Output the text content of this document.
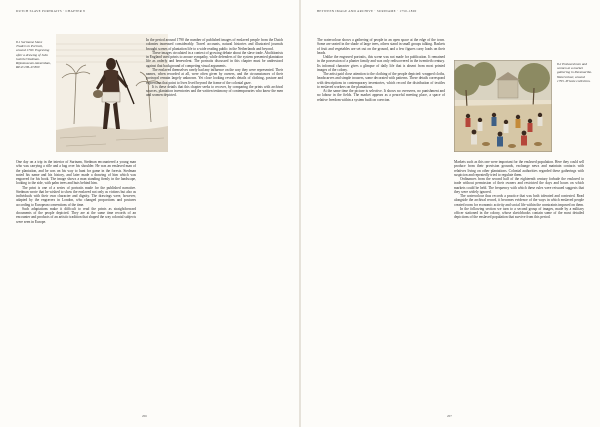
DUTCH SLAVE PORTRAITS · CHAPTER 8
8.1 Suriname Slave Traders in Portrait, around 1790. Engraving after a drawing of John Gabriel Stedman. Rijksmuseum Amsterdam, RP-P-OB-47.890

One day on a trip in the interior of Surinam, Stedman encountered a young man who was carrying a rifle and a bag over his shoulder. He was an enslaved man of the plantation, and he was on his way to hunt for game in the forests. Stedman noted his name and his history, and later made a drawing of him which was engraved for his book. The image shows a man standing firmly in the landscape, looking to the side, with palm trees and huts behind him.

The print is one of a series of portraits made for the published narrative. Stedman wrote that he wished to show the enslaved not only as victims but also as individuals with their own character and dignity. The drawings were, however, adapted by the engravers in London, who changed proportions and postures according to European conventions of the time.

Such adaptations make it difficult to read the prints as straightforward documents of the people depicted. They are at the same time records of an encounter and products of an artistic tradition that shaped the way colonial subjects were seen in Europe.

In the period around 1790 the number of published images of enslaved people from the Dutch colonies increased considerably. Travel accounts, natural histories and illustrated journals brought scenes of plantation life to a wide reading public in the Netherlands and beyond.

These images circulated in a context of growing debate about the slave trade. Abolitionists in England used prints to arouse sympathy, while defenders of the system presented plantation life as orderly and benevolent. The portraits discussed in this chapter must be understood against that background of competing visual arguments.

The enslaved themselves rarely had any influence on the way they were represented. Their names, when recorded at all, were often given by owners, and the circumstances of their portrayal remain largely unknown. Yet close looking reveals details of clothing, posture and expression that point to lives lived beyond the frame of the colonial gaze.

It is these details that this chapter seeks to recover, by comparing the prints with archival sources, plantation inventories and the written testimony of contemporaries who knew the men and women depicted.

206
BETWEEN IMAGE AND ARCHIVE · SURINAME · 1750–1800

The watercolour shows a gathering of people in an open space at the edge of the town. Some are seated in the shade of large trees, others stand in small groups talking. Baskets of fruit and vegetables are set out on the ground, and a few figures carry loads on their heads.

Unlike the engraved portraits, this scene was not made for publication. It remained in the possession of a planter family and was only rediscovered in the twentieth century. Its informal character gives a glimpse of daily life that is absent from most printed images of the colony.

The artist paid close attention to the clothing of the people depicted: wrapped cloths, headscarves and simple trousers, some decorated with patterns. These details correspond with descriptions in contemporary inventories, which record the distribution of textiles to enslaved workers on the plantations.

At the same time the picture is selective. It shows no overseers, no punishment and no labour in the fields. The market appears as a peaceful meeting place, a space of relative freedom within a system built on coercion.

8.2 Enslaved men and women at a market gathering in Paramaribo. Watercolour, around 1795. Private collection.

Markets such as this one were important for the enslaved population. Here they could sell produce from their provision grounds, exchange news and maintain contacts with relatives living on other plantations. Colonial authorities regarded these gatherings with suspicion and repeatedly tried to regulate them.

Ordinances from the second half of the eighteenth century forbade the enslaved to trade without permission of their owners and restricted the days and hours on which markets could be held. The frequency with which these rules were reissued suggests that they were widely ignored.

The watercolour thus records a practice that was both tolerated and contested. Read alongside the archival record, it becomes evidence of the ways in which enslaved people created room for economic activity and social life within the constraints imposed on them.

In the following section we turn to a second group of images, made by a military officer stationed in the colony, whose sketchbooks contain some of the most detailed depictions of the enslaved population that survive from this period.

207
